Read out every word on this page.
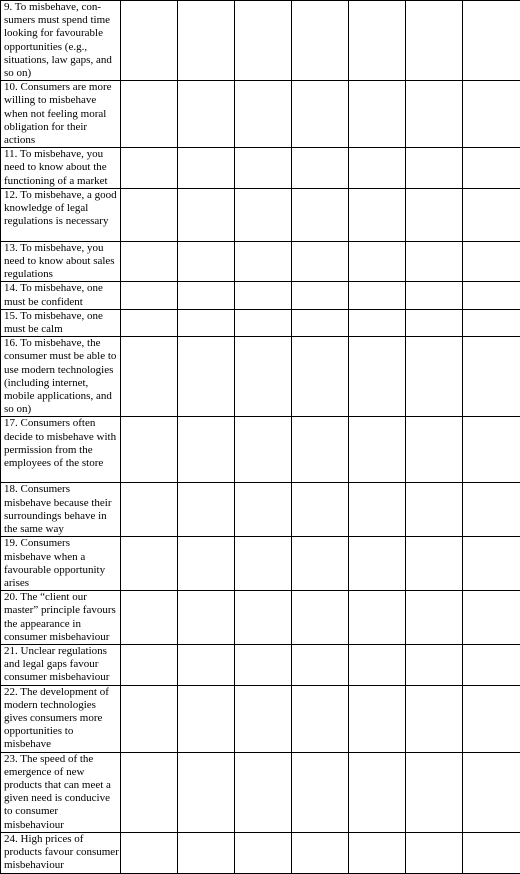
9. To misbehave, con-sumers must spend time looking for favourable opportunities (e.g., situations, law gaps, and so on)							
10. Consumers are more willing to misbehave when not feeling moral obligation for their actions							
11. To misbehave, you need to know about the functioning of a market							
12. To misbehave, a good knowledge of legal regulations is necessary							
13. To misbehave, you need to know about sales regulations							
14. To misbehave, one must be confident							
15. To misbehave, one must be calm							
16. To misbehave, the consumer must be able to use modern technologies (including internet, mobile applications, and so on)							
17. Consumers often decide to misbehave with permission from the employees of the store							
18. Consumers misbehave because their surroundings behave in the same way							
19. Consumers misbehave when a favourable opportunity arises							
20. The “client our master” principle favours the appearance in consumer misbehaviour							
21. Unclear regulations and legal gaps favour consumer misbehaviour							
22. The development of modern technologies gives consumers more opportunities to misbehave							
23. The speed of the emergence of new products that can meet a given need is conducive to consumer misbehaviour							
24. High prices of products favour consumer misbehaviour							
